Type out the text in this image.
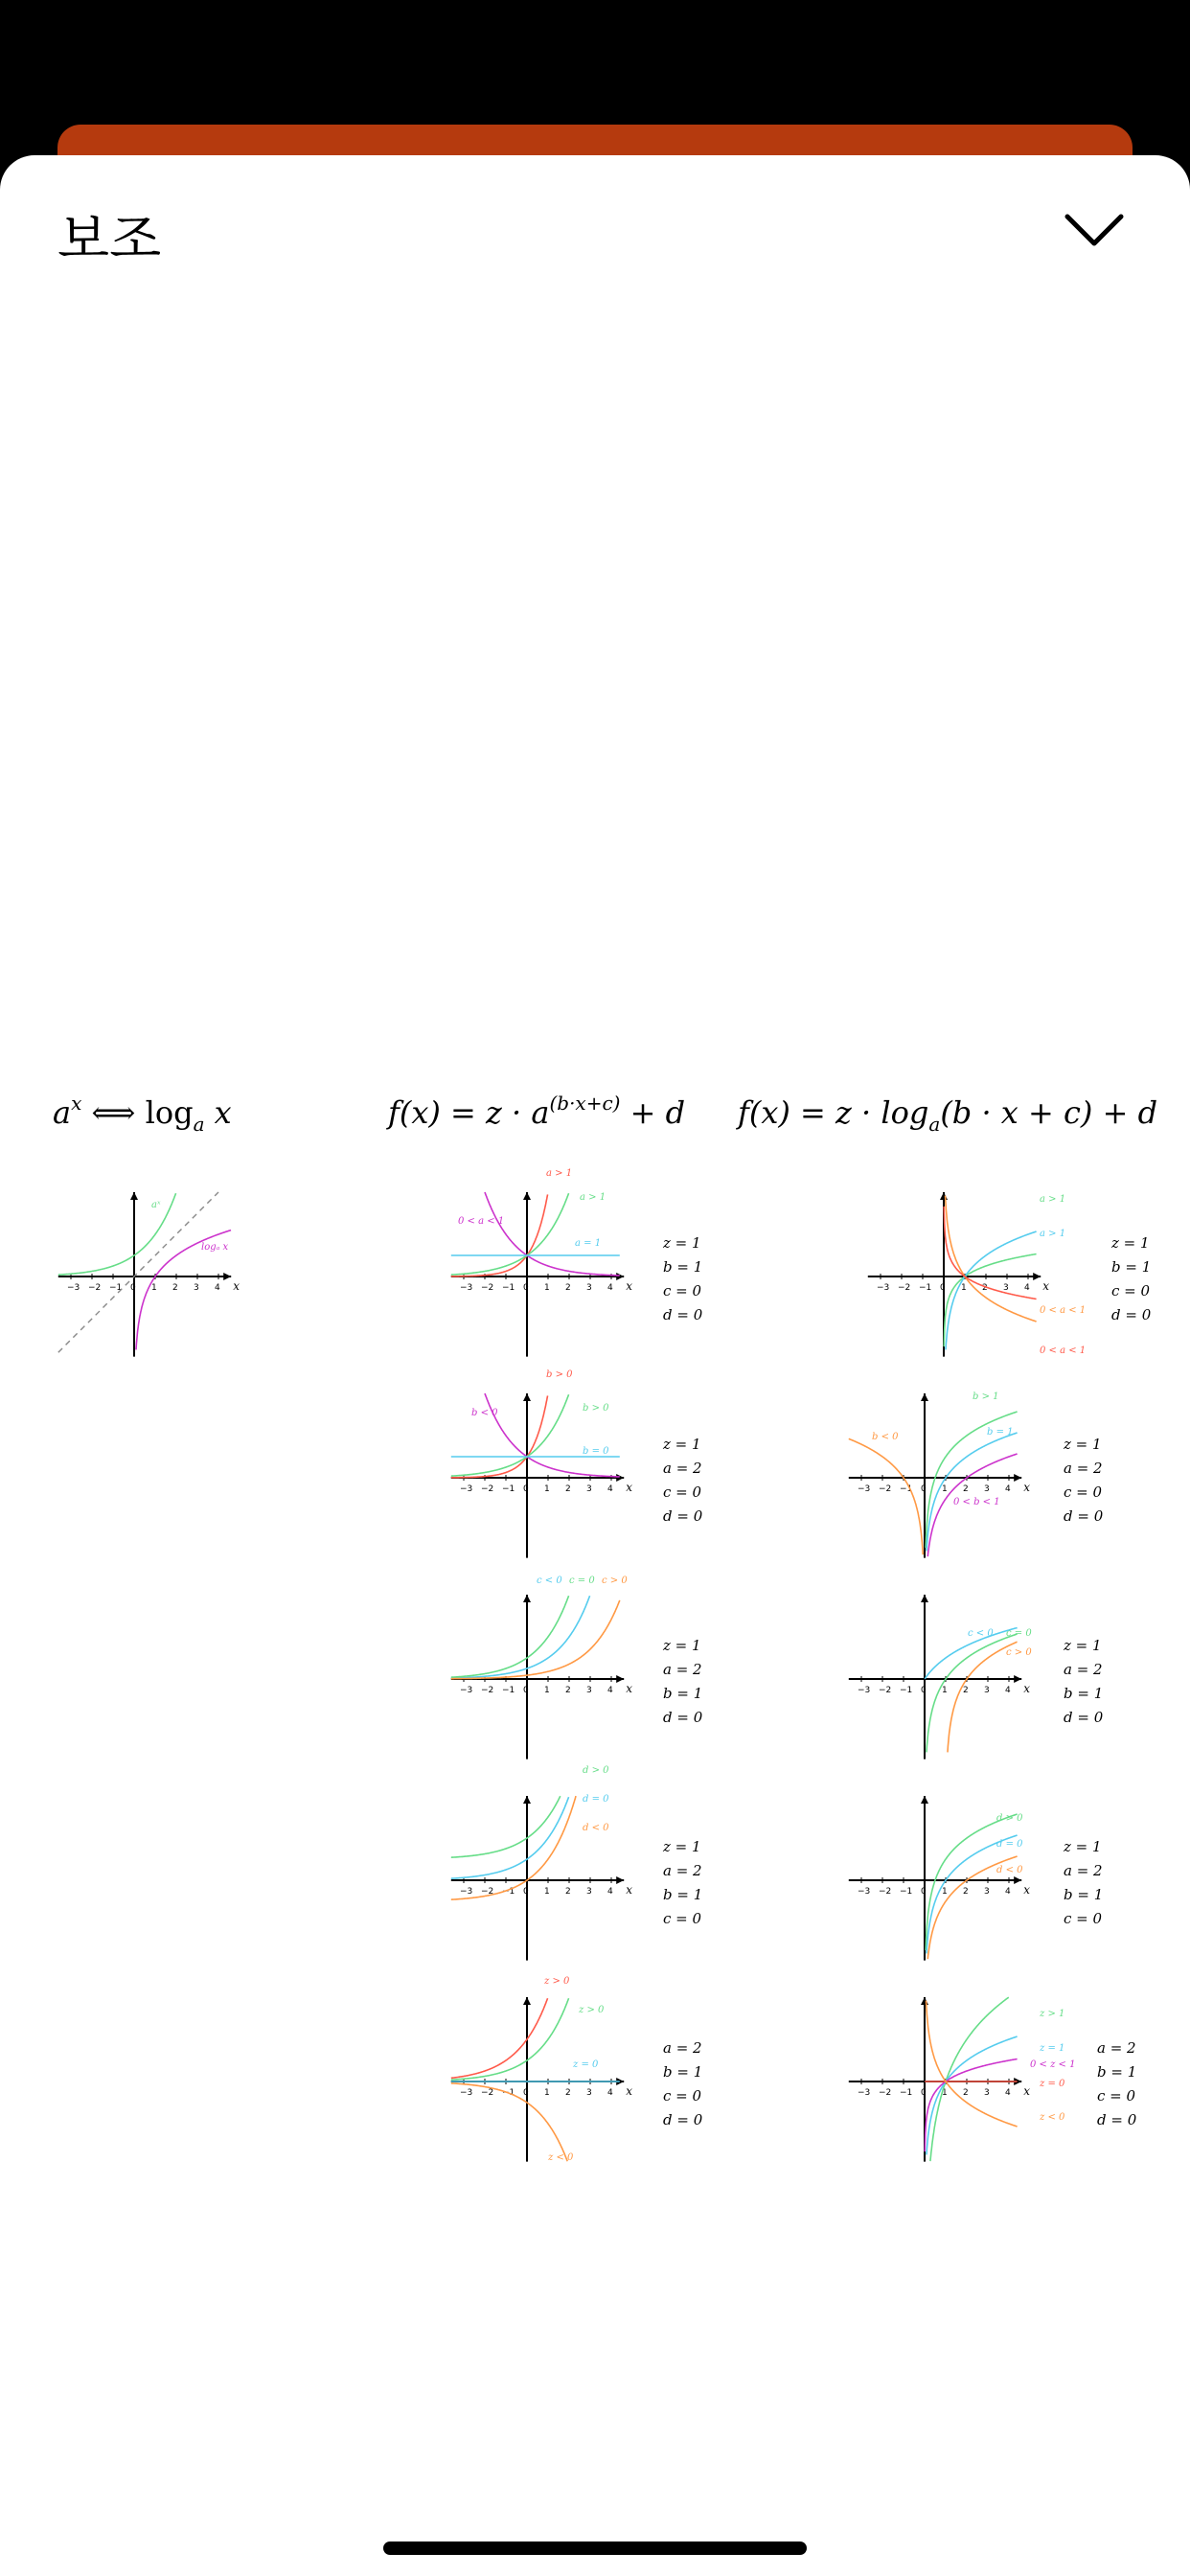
보조
$a^x$ ⟺ $\log_a x$	$f(x) = z \cdot a^{(b\cdot x+c)} + d$ $f(x) = z \cdot \log_a(b \cdot x + c) + d$
−3 −2 −1 0 1 2 3 4 x
aˣ
logₐ x
−3 −2 −1 0 1 2 3 4 x
a > 1
a > 1
0 < a < 1
a = 1	z = 1
b = 1
c = 0
d = 0
−3 −2 −1 0 1 2 3 4 x
b > 0
b > 0
b < 0
b = 0	z = 1
a = 2
c = 0
d = 0
−3 −2 −1 0 1 2 3 4 x
c < 0 c = 0 c > 0
z = 1
a = 2
b = 1
d = 0
−3 −2 −1 0 1 2 3 4 x
d > 0
d = 0
d < 0
z = 1
a = 2
b = 1
c = 0
−3 −2 −1 0 1 2 3 4 x
z > 0
z > 0
z = 0
z < 0
a = 2
b = 1
c = 0
d = 0
−3 −2 −1 0 1 2 3 4 x
a > 1
a > 1
0 < a < 1
0 < a < 1
z = 1
b = 1
c = 0
d = 0
−3 −2 −1 0 1 2 3 4 x
b > 1
b = 1
b < 0
0 < b < 1
z = 1
a = 2
c = 0
d = 0
−3 −2 −1 0 1 2 3 4 x
c < 0 c = 0
c > 0 z = 1
a = 2
b = 1
d = 0
−3 −2 −1 0 1 2 3 4 x
d > 0
d = 0
d < 0
z = 1
a = 2
b = 1
c = 0
−3 −2 −1 0 1 2 3 4 x
z > 1
z = 1
0 < z < 1
z = 0
z < 0
a = 2
b = 1
c = 0
d = 0
